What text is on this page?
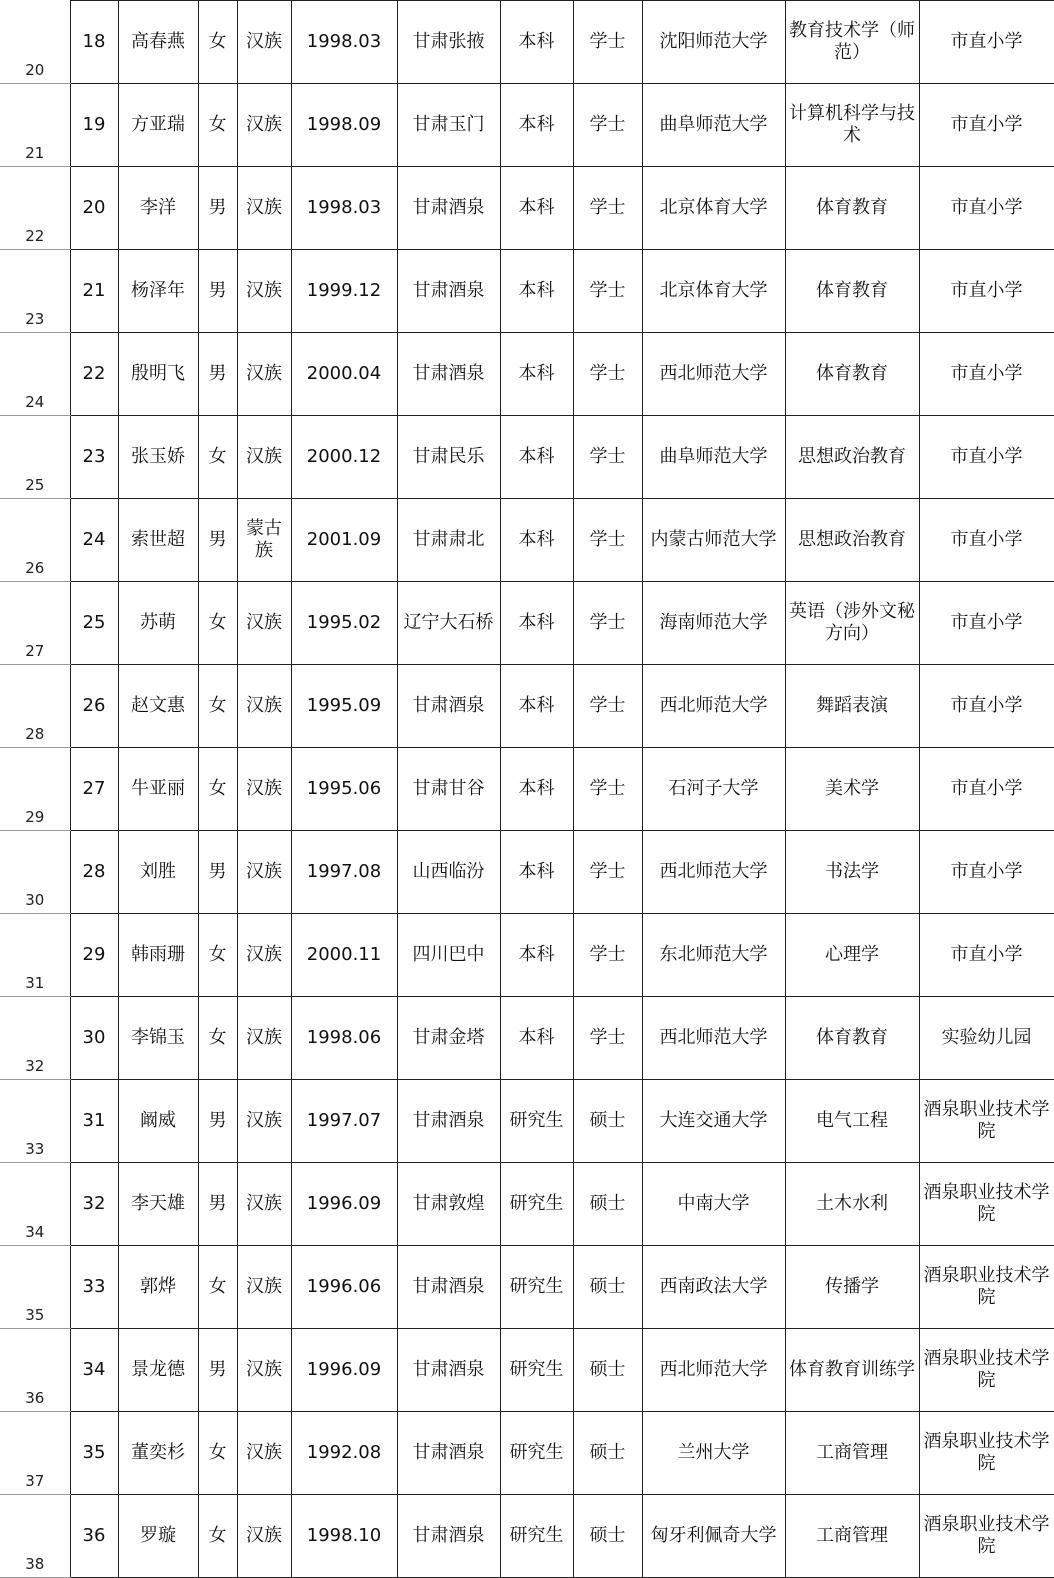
20	18	高春燕	女	汉族	1998.03	甘肃张掖	本科	学士	沈阳师范大学	教育技术学（师范）	市直小学

21	19	方亚瑞	女	汉族	1998.09	甘肃玉门	本科	学士	曲阜师范大学	计算机科学与技术	市直小学

22	20	李洋	男	汉族	1998.03	甘肃酒泉	本科	学士	北京体育大学	体育教育	市直小学

23	21	杨泽年	男	汉族	1999.12	甘肃酒泉	本科	学士	北京体育大学	体育教育	市直小学

24	22	殷明飞	男	汉族	2000.04	甘肃酒泉	本科	学士	西北师范大学	体育教育	市直小学

25	23	张玉娇	女	汉族	2000.12	甘肃民乐	本科	学士	曲阜师范大学	思想政治教育	市直小学

26	24	索世超	男	蒙古族	2001.09	甘肃肃北	本科	学士	内蒙古师范大学	思想政治教育	市直小学

27	25	苏萌	女	汉族	1995.02	辽宁大石桥	本科	学士	海南师范大学	英语（涉外文秘方向）	市直小学

28	26	赵文惠	女	汉族	1995.09	甘肃酒泉	本科	学士	西北师范大学	舞蹈表演	市直小学

29	27	牛亚丽	女	汉族	1995.06	甘肃甘谷	本科	学士	石河子大学	美术学	市直小学

30	28	刘胜	男	汉族	1997.08	山西临汾	本科	学士	西北师范大学	书法学	市直小学

31	29	韩雨珊	女	汉族	2000.11	四川巴中	本科	学士	东北师范大学	心理学	市直小学

32	30	李锦玉	女	汉族	1998.06	甘肃金塔	本科	学士	西北师范大学	体育教育	实验幼儿园

33	31	阚威	男	汉族	1997.07	甘肃酒泉	研究生	硕士	大连交通大学	电气工程	酒泉职业技术学院

34	32	李天雄	男	汉族	1996.09	甘肃敦煌	研究生	硕士	中南大学	土木水利	酒泉职业技术学院

35	33	郭烨	女	汉族	1996.06	甘肃酒泉	研究生	硕士	西南政法大学	传播学	酒泉职业技术学院

36	34	景龙德	男	汉族	1996.09	甘肃酒泉	研究生	硕士	西北师范大学	体育教育训练学	酒泉职业技术学院

37	35	董奕杉	女	汉族	1992.08	甘肃酒泉	研究生	硕士	兰州大学	工商管理	酒泉职业技术学院

38	36	罗璇	女	汉族	1998.10	甘肃酒泉	研究生	硕士	匈牙利佩奇大学	工商管理	酒泉职业技术学院
